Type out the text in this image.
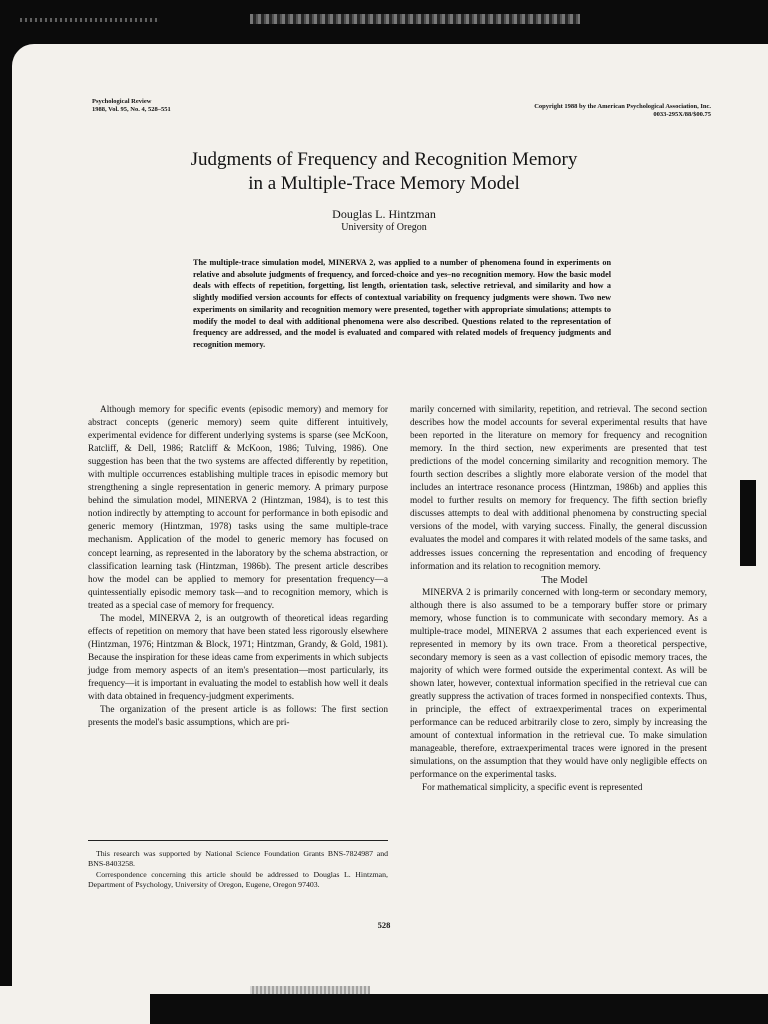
Psychological Review
1988, Vol. 95, No. 4, 528–551	Copyright 1988 by the American Psychological Association, Inc.
0033-295X/88/$00.75
Judgments of Frequency and Recognition Memory
in a Multiple-Trace Memory Model
Douglas L. Hintzman
University of Oregon
The multiple-trace simulation model, MINERVA 2, was applied to a number of phenomena found in experiments on relative and absolute judgments of frequency, and forced-choice and yes–no recognition memory. How the basic model deals with effects of repetition, forgetting, list length, orientation task, selective retrieval, and similarity and how a slightly modified version accounts for effects of contextual variability on frequency judgments were shown. Two new experiments on similarity and recognition memory were presented, together with appropriate simulations; attempts to modify the model to deal with additional phenomena were also described. Questions related to the representation of frequency are addressed, and the model is evaluated and compared with related models of frequency judgments and recognition memory.

Although memory for specific events (episodic memory) and memory for abstract concepts (generic memory) seem quite different intuitively, experimental evidence for different underlying systems is sparse (see McKoon, Ratcliff, & Dell, 1986; Ratcliff & McKoon, 1986; Tulving, 1986). One suggestion has been that the two systems are affected differently by repetition, with multiple occurrences establishing multiple traces in episodic memory but strengthening a single representation in generic memory. A primary purpose behind the simulation model, MINERVA 2 (Hintzman, 1984), is to test this notion indirectly by attempting to account for performance in both episodic and generic memory (Hintzman, 1978) tasks using the same multiple-trace mechanism. Application of the model to generic memory has focused on concept learning, as represented in the laboratory by the schema abstraction, or classification learning task (Hintzman, 1986b). The present article describes how the model can be applied to memory for presentation frequency—a quintessentially episodic memory task—and to recognition memory, which is treated as a special case of memory for frequency.

The model, MINERVA 2, is an outgrowth of theoretical ideas regarding effects of repetition on memory that have been stated less rigorously elsewhere (Hintzman, 1976; Hintzman & Block, 1971; Hintzman, Grandy, & Gold, 1981). Because the inspiration for these ideas came from experiments in which subjects judge from memory aspects of an item's presentation—most particularly, its frequency—it is important in evaluating the model to establish how well it deals with data obtained in frequency-judgment experiments.

The organization of the present article is as follows: The first section presents the model's basic assumptions, which are pri-

marily concerned with similarity, repetition, and retrieval. The second section describes how the model accounts for several experimental results that have been reported in the literature on memory for frequency and recognition memory. In the third section, new experiments are presented that test predictions of the model concerning similarity and recognition memory. The fourth section describes a slightly more elaborate version of the model that includes an intertrace resonance process (Hintzman, 1986b) and applies this model to further results on memory for frequency. The fifth section briefly discusses attempts to deal with additional phenomena by constructing special versions of the model, with varying success. Finally, the general discussion evaluates the model and compares it with related models of the same tasks, and addresses issues concerning the representation and encoding of frequency information and its relation to recognition memory.

The Model

MINERVA 2 is primarily concerned with long-term or secondary memory, although there is also assumed to be a temporary buffer store or primary memory, whose function is to communicate with secondary memory. As a multiple-trace model, MINERVA 2 assumes that each experienced event is represented in memory by its own trace. From a theoretical perspective, secondary memory is seen as a vast collection of episodic memory traces, the majority of which were formed outside the experimental context. As will be shown later, however, contextual information specified in the retrieval cue can greatly suppress the activation of traces formed in nonspecified contexts. Thus, in principle, the effect of extraexperimental traces on experimental performance can be reduced arbitrarily close to zero, simply by increasing the amount of contextual information in the retrieval cue. To make simulation manageable, therefore, extraexperimental traces were ignored in the present simulations, on the assumption that they would have only negligible effects on performance on the experimental tasks.

For mathematical simplicity, a specific event is represented

This research was supported by National Science Foundation Grants BNS-7824987 and BNS-8403258.

Correspondence concerning this article should be addressed to Douglas L. Hintzman, Department of Psychology, University of Oregon, Eugene, Oregon 97403.

528
